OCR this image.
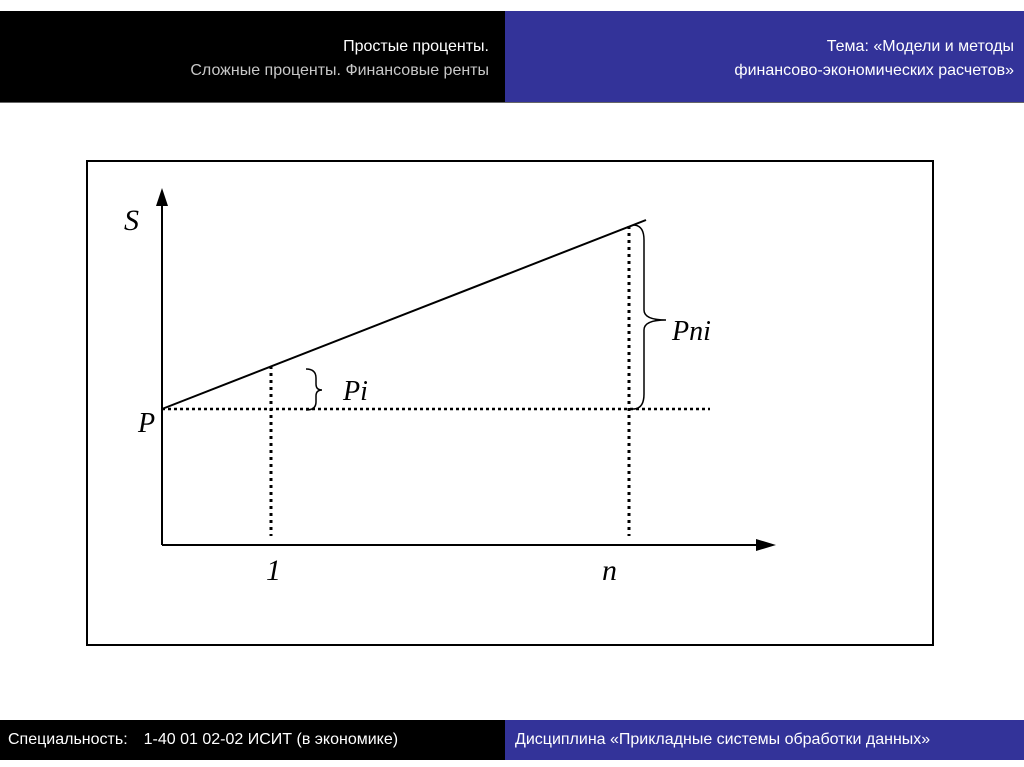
Простые проценты.
Сложные проценты. Финансовые ренты
Тема: «Модели и методы
финансово-экономических расчетов»
S
P
1	n
Pi
Pni
Специальность: 1-40 01 02-02 ИСИТ (в экономике)	Дисциплина «Прикладные системы обработки данных»
